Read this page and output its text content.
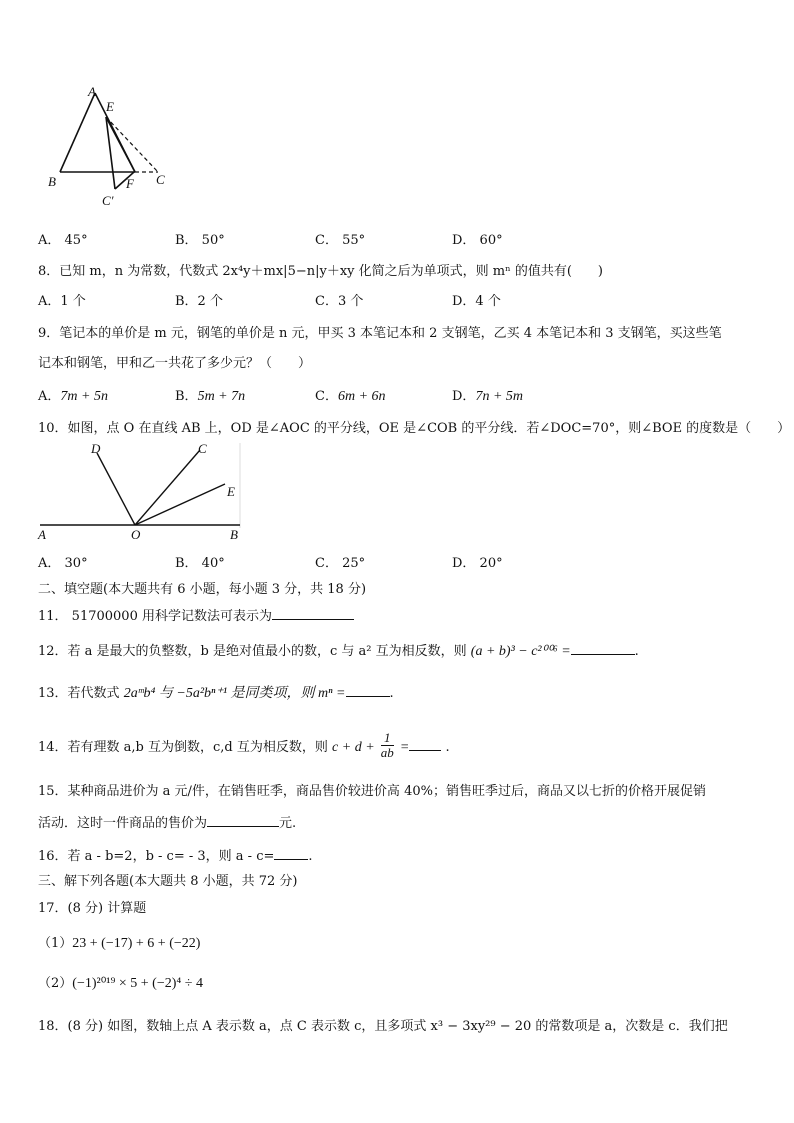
A
E
B	F C
C′
A． 45°	B． 50°	C． 55°	D． 60°
8．已知 m，n 为常数，代数式 2x⁴y＋mx|5−n|y＋xy 化简之后为单项式，则 mⁿ 的值共有(　　)
A．1 个	B．2 个	C．3 个	D．4 个
9．笔记本的单价是 m 元，钢笔的单价是 n 元，甲买 3 本笔记本和 2 支钢笔，乙买 4 本笔记本和 3 支钢笔，买这些笔
记本和钢笔，甲和乙一共花了多少元？（　　）
A．7m + 5n	B．5m + 7n	C．6m + 6n	D．7n + 5m
10．如图，点 O 在直线 AB 上，OD 是∠AOC 的平分线，OE 是∠COB 的平分线．若∠DOC=70°，则∠BOE 的度数是（　　）
D	C
E
A	O	B
A． 30°	B． 40°	C． 25°	D． 20°
二、填空题(本大题共有 6 小题，每小题 3 分，共 18 分)
11． 51700000 用科学记数法可表示为
12．若 a 是最大的负整数，b 是绝对值最小的数，c 与 a² 互为相反数，则 (a + b)³ − c²⁰⁰⁶ =	.
13．若代数式 2aᵐb⁴ 与 −5a²bⁿ⁺¹ 是同类项，则 mⁿ =	.
14．若有理数 a,b 互为倒数，c,d 互为相反数，则 $c + d + \frac{1}{ab}$ =	.
15．某种商品进价为 a 元/件，在销售旺季，商品售价较进价高 40%；销售旺季过后，商品又以七折的价格开展促销
活动．这时一件商品的售价为	元.
16．若 a - b=2，b - c= - 3，则 a - c=	.
三、解下列各题(本大题共 8 小题，共 72 分)
17．(8 分) 计算题
（1）23 + (−17) + 6 + (−22)
（2）(−1)²⁰¹⁹ × 5 + (−2)⁴ ÷ 4
18．(8 分) 如图，数轴上点 A 表示数 a，点 C 表示数 c，且多项式 x³ − 3xy²⁹ − 20 的常数项是 a，次数是 c．我们把
